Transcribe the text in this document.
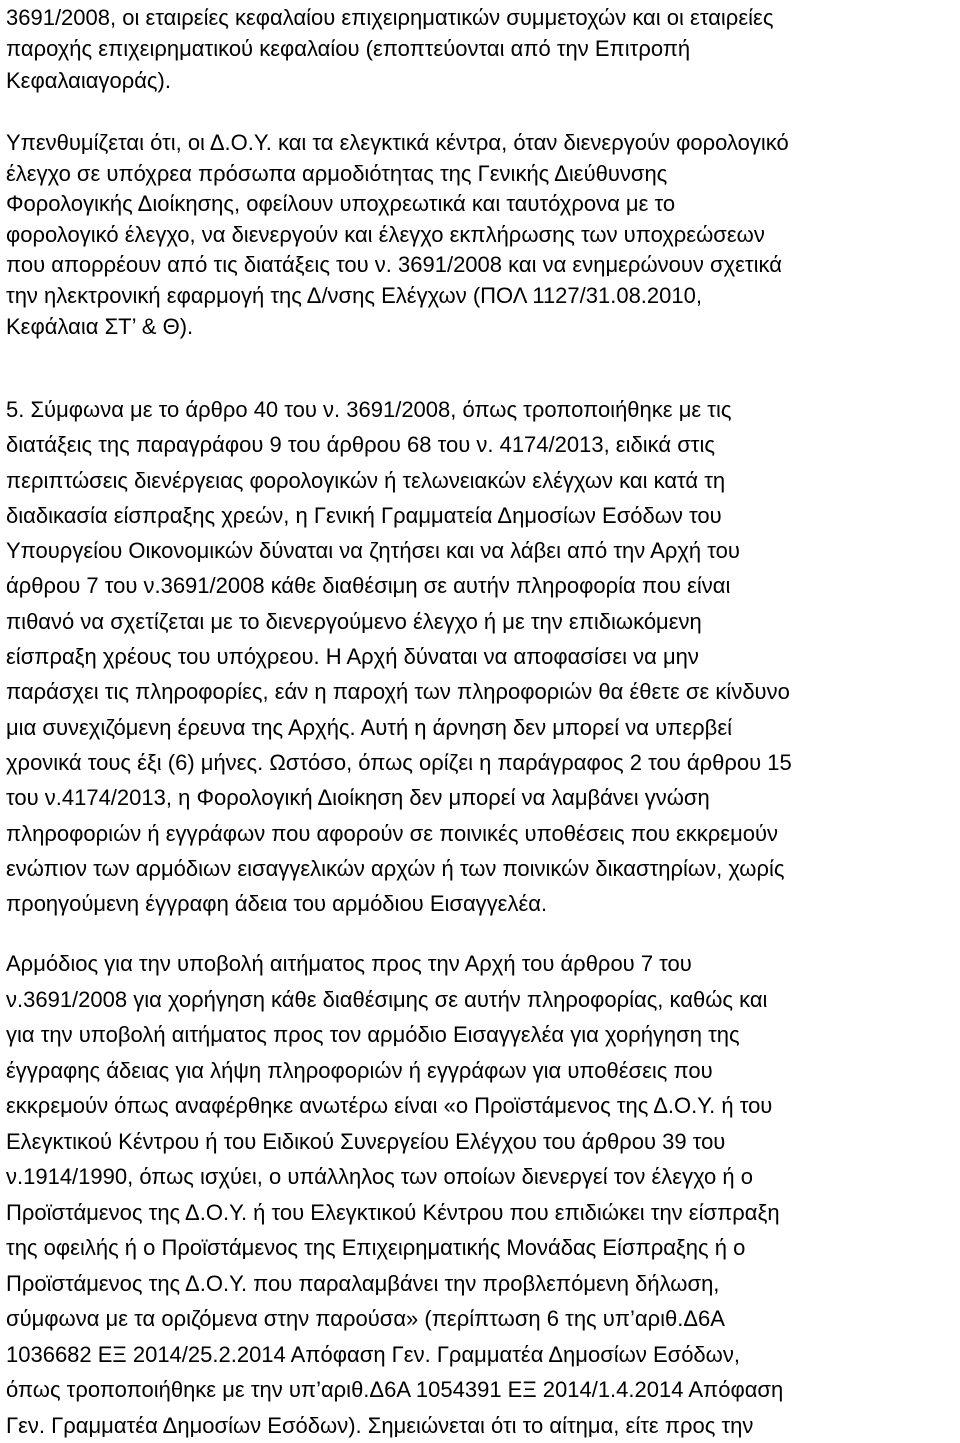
3691/2008, οι εταιρείες κεφαλαίου επιχειρηματικών συμμετοχών και οι εταιρείες
παροχής επιχειρηματικού κεφαλαίου (εποπτεύονται από την Επιτροπή
Κεφαλαιαγοράς).
Υπενθυμίζεται ότι, οι Δ.Ο.Υ. και τα ελεγκτικά κέντρα, όταν διενεργούν φορολογικό
έλεγχο σε υπόχρεα πρόσωπα αρμοδιότητας της Γενικής Διεύθυνσης
Φορολογικής Διοίκησης, οφείλουν υποχρεωτικά και ταυτόχρονα με το
φορολογικό έλεγχο, να διενεργούν και έλεγχο εκπλήρωσης των υποχρεώσεων
που απορρέουν από τις διατάξεις του ν. 3691/2008 και να ενημερώνουν σχετικά
την ηλεκτρονική εφαρμογή της Δ/νσης Ελέγχων (ΠΟΛ 1127/31.08.2010,
Κεφάλαια ΣΤ’ & Θ).
5. Σύμφωνα με το άρθρο 40 του ν. 3691/2008, όπως τροποποιήθηκε με τις
διατάξεις της παραγράφου 9 του άρθρου 68 του ν. 4174/2013, ειδικά στις
περιπτώσεις διενέργειας φορολογικών ή τελωνειακών ελέγχων και κατά τη
διαδικασία είσπραξης χρεών, η Γενική Γραμματεία Δημοσίων Εσόδων του
Υπουργείου Οικονομικών δύναται να ζητήσει και να λάβει από την Αρχή του
άρθρου 7 του ν.3691/2008 κάθε διαθέσιμη σε αυτήν πληροφορία που είναι
πιθανό να σχετίζεται με το διενεργούμενο έλεγχο ή με την επιδιωκόμενη
είσπραξη χρέους του υπόχρεου. Η Αρχή δύναται να αποφασίσει να μην
παράσχει τις πληροφορίες, εάν η παροχή των πληροφοριών θα έθετε σε κίνδυνο
μια συνεχιζόμενη έρευνα της Αρχής. Αυτή η άρνηση δεν μπορεί να υπερβεί
χρονικά τους έξι (6) μήνες. Ωστόσο, όπως ορίζει η παράγραφος 2 του άρθρου 15
του ν.4174/2013, η Φορολογική Διοίκηση δεν μπορεί να λαμβάνει γνώση
πληροφοριών ή εγγράφων που αφορούν σε ποινικές υποθέσεις που εκκρεμούν
ενώπιον των αρμόδιων εισαγγελικών αρχών ή των ποινικών δικαστηρίων, χωρίς
προηγούμενη έγγραφη άδεια του αρμόδιου Εισαγγελέα.
Αρμόδιος για την υποβολή αιτήματος προς την Αρχή του άρθρου 7 του
ν.3691/2008 για χορήγηση κάθε διαθέσιμης σε αυτήν πληροφορίας, καθώς και
για την υποβολή αιτήματος προς τον αρμόδιο Εισαγγελέα για χορήγηση της
έγγραφης άδειας για λήψη πληροφοριών ή εγγράφων για υποθέσεις που
εκκρεμούν όπως αναφέρθηκε ανωτέρω είναι «ο Προϊστάμενος της Δ.Ο.Υ. ή του
Ελεγκτικού Κέντρου ή του Ειδικού Συνεργείου Ελέγχου του άρθρου 39 του
ν.1914/1990, όπως ισχύει, ο υπάλληλος των οποίων διενεργεί τον έλεγχο ή ο
Προϊστάμενος της Δ.Ο.Υ. ή του Ελεγκτικού Κέντρου που επιδιώκει την είσπραξη
της οφειλής ή ο Προϊστάμενος της Επιχειρηματικής Μονάδας Είσπραξης ή ο
Προϊστάμενος της Δ.Ο.Υ. που παραλαμβάνει την προβλεπόμενη δήλωση,
σύμφωνα με τα οριζόμενα στην παρούσα» (περίπτωση 6 της υπ’αριθ.Δ6Α
1036682 ΕΞ 2014/25.2.2014 Απόφαση Γεν. Γραμματέα Δημοσίων Εσόδων,
όπως τροποποιήθηκε με την υπ’αριθ.Δ6Α 1054391 ΕΞ 2014/1.4.2014 Απόφαση
Γεν. Γραμματέα Δημοσίων Εσόδων). Σημειώνεται ότι το αίτημα, είτε προς την
